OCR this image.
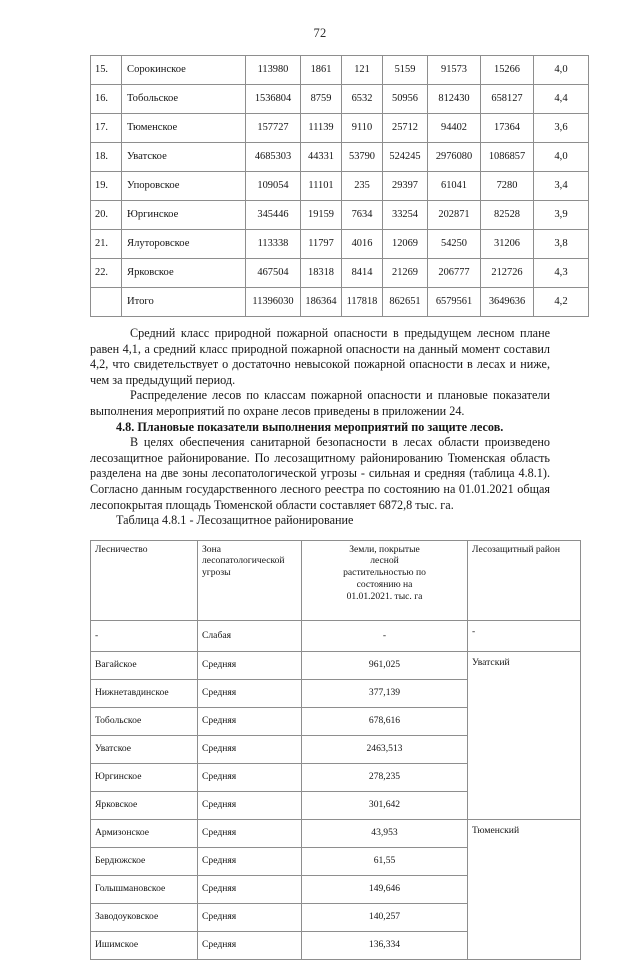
72
15.	Сорокинское	113980	1861	121	5159	91573	15266	4,0
16.	Тобольское	1536804	8759	6532	50956	812430	658127	4,4
17.	Тюменское	157727	11139	9110	25712	94402	17364	3,6
18.	Уватское	4685303	44331	53790	524245	2976080	1086857	4,0
19.	Упоровское	109054	11101	235	29397	61041	7280	3,4
20.	Юргинское	345446	19159	7634	33254	202871	82528	3,9
21.	Ялуторовское	113338	11797	4016	12069	54250	31206	3,8
22.	Ярковское	467504	18318	8414	21269	206777	212726	4,3
	Итого	11396030	186364	117818	862651	6579561	3649636	4,2

Средний класс природной пожарной опасности в предыдущем лесном плане равен 4,1, а средний класс природной пожарной опасности на данный момент составил 4,2, что свидетельствует о достаточно невысокой пожарной опасности в лесах и ниже, чем за предыдущий период.

Распределение лесов по классам пожарной опасности и плановые показатели выполнения мероприятий по охране лесов приведены в приложении 24.

4.8. Плановые показатели выполнения мероприятий по защите лесов.

В целях обеспечения санитарной безопасности в лесах области произведено лесозащитное районирование. По лесозащитному районированию Тюменская область разделена на две зоны лесопатологической угрозы - сильная и средняя (таблица 4.8.1). Согласно данным государственного лесного реестра по состоянию на 01.01.2021 общая лесопокрытая площадь Тюменской области составляет 6872,8 тыс. га.

Таблица 4.8.1 - Лесозащитное районирование

Лесничество	Зона лесопатологической угрозы	Земли, покрытые
лесной
растительностью по
состоянию на
01.01.2021. тыс. га	Лесозащитный район
-	Слабая	-	-
Вагайское	Средняя	961,025	Уватский
Нижнетавдинское	Средняя	377,139	
Тобольское	Средняя	678,616	
Уватское	Средняя	2463,513	
Юргинское	Средняя	278,235	
Ярковское	Средняя	301,642	
Армизонское	Средняя	43,953	Тюменский
Бердюжское	Средняя	61,55	
Голышмановское	Средняя	149,646	
Заводоуковское	Средняя	140,257	
Ишимское	Средняя	136,334	
